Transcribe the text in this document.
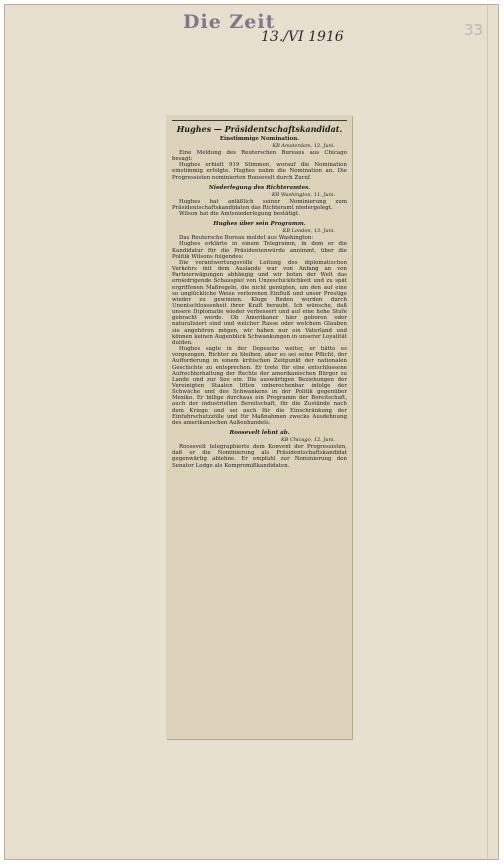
Die Zeit
13./VI 1916	33
Hughes — Präsidentschaftskandidat.
Einstimmige Nomination.
KB Amsterdam, 12. Juni.

Eine Meldung des Reuterschen Bureaus aus Chicago besagt:

Hughes erhielt 919 Stimmen, worauf die Nomination einstimmig erfolgte. Hughes nahm die Nomination an. Die Progressisten nominierten Roosevelt durch Zuruf.

Niederlegung des Richteramtes.
KB Washington, 11. Juni.

Hughes hat anläßlich seiner Nominierung zum Präsidentschaftskandidaten das Richteramt niedergelegt.

Wilson hat die Amtsniederlegung bestätigt.

Hughes über sein Programm.
KB London, 13. Juni.

Das Reutersche Bureau meldet aus Washington:

Hughes erklärte in einem Telegramm, in dem er die Kandidatur für die Präsidentenwürde annimmt, über die Politik Wilsons folgendes:

Die verantwortungsvolle Leitung des diplomatischen Verkehrs mit dem Auslande war von Anfang an von Parteierwägungen abhängig und wir boten der Welt das erniedrigende Schauspiel von Unzeschicklichkeit und zu spät ergriffenen Maßregeln, die nicht genügten, um den auf eine so unglückliche Weise verlorenen Einfluß und unser Prestige wieder zu gewinnen. Kluge Reden wurden durch Unentschlossenheit ihrer Kraft beraubt. Ich wünsche, daß unsere Diplomatie wieder verbessert und auf eine hohe Stufe gebracht werde. Ob Amerikaner hier geboren oder naturalisiert sind und welcher Rasse oder welchem Glauben sie angehören mögen, wir haben nur ein Vaterland und können keinen Augenblick Schwankungen in unserer Loyalität dulden.

Hughes sagte in der Depesche weiter, er hätte es vorgezogen, Richter zu bleiben, aber es sei seine Pflicht, der Aufforderung in einem kritischen Zeitpunkt der nationalen Geschichte zu entsprechen. Er trete für eine entschlossene Aufrechterhaltung der Rechte der amerikanischen Bürger zu Lande und zur See ein. Die auswärtigen Beziehungen der Vereinigten Staaten litten unberechenbar infolge der Schwäche und des Schwankens in der Politik gegenüber Mexiko. Er billige durchaus ein Programm der Bereitschaft, auch der industriellen Bereitschaft, für die Zustände nach dem Kriege und sei auch für die Einschränkung der Einfuhrschutzzölle und für Maßnahmen zwecks Ausdehnung des amerikanischen Außenhandels.

Roosevelt lehnt ab.
KB Chicago, 12. Juni.

Roosevelt telegraphierte dem Konvent der Progressisten, daß er die Nominierung als Präsidentschaftskandidat gegenwärtig ablehne. Er empfahl zur Nominierung den Senator Lodge als Kompromißkandidaten.
